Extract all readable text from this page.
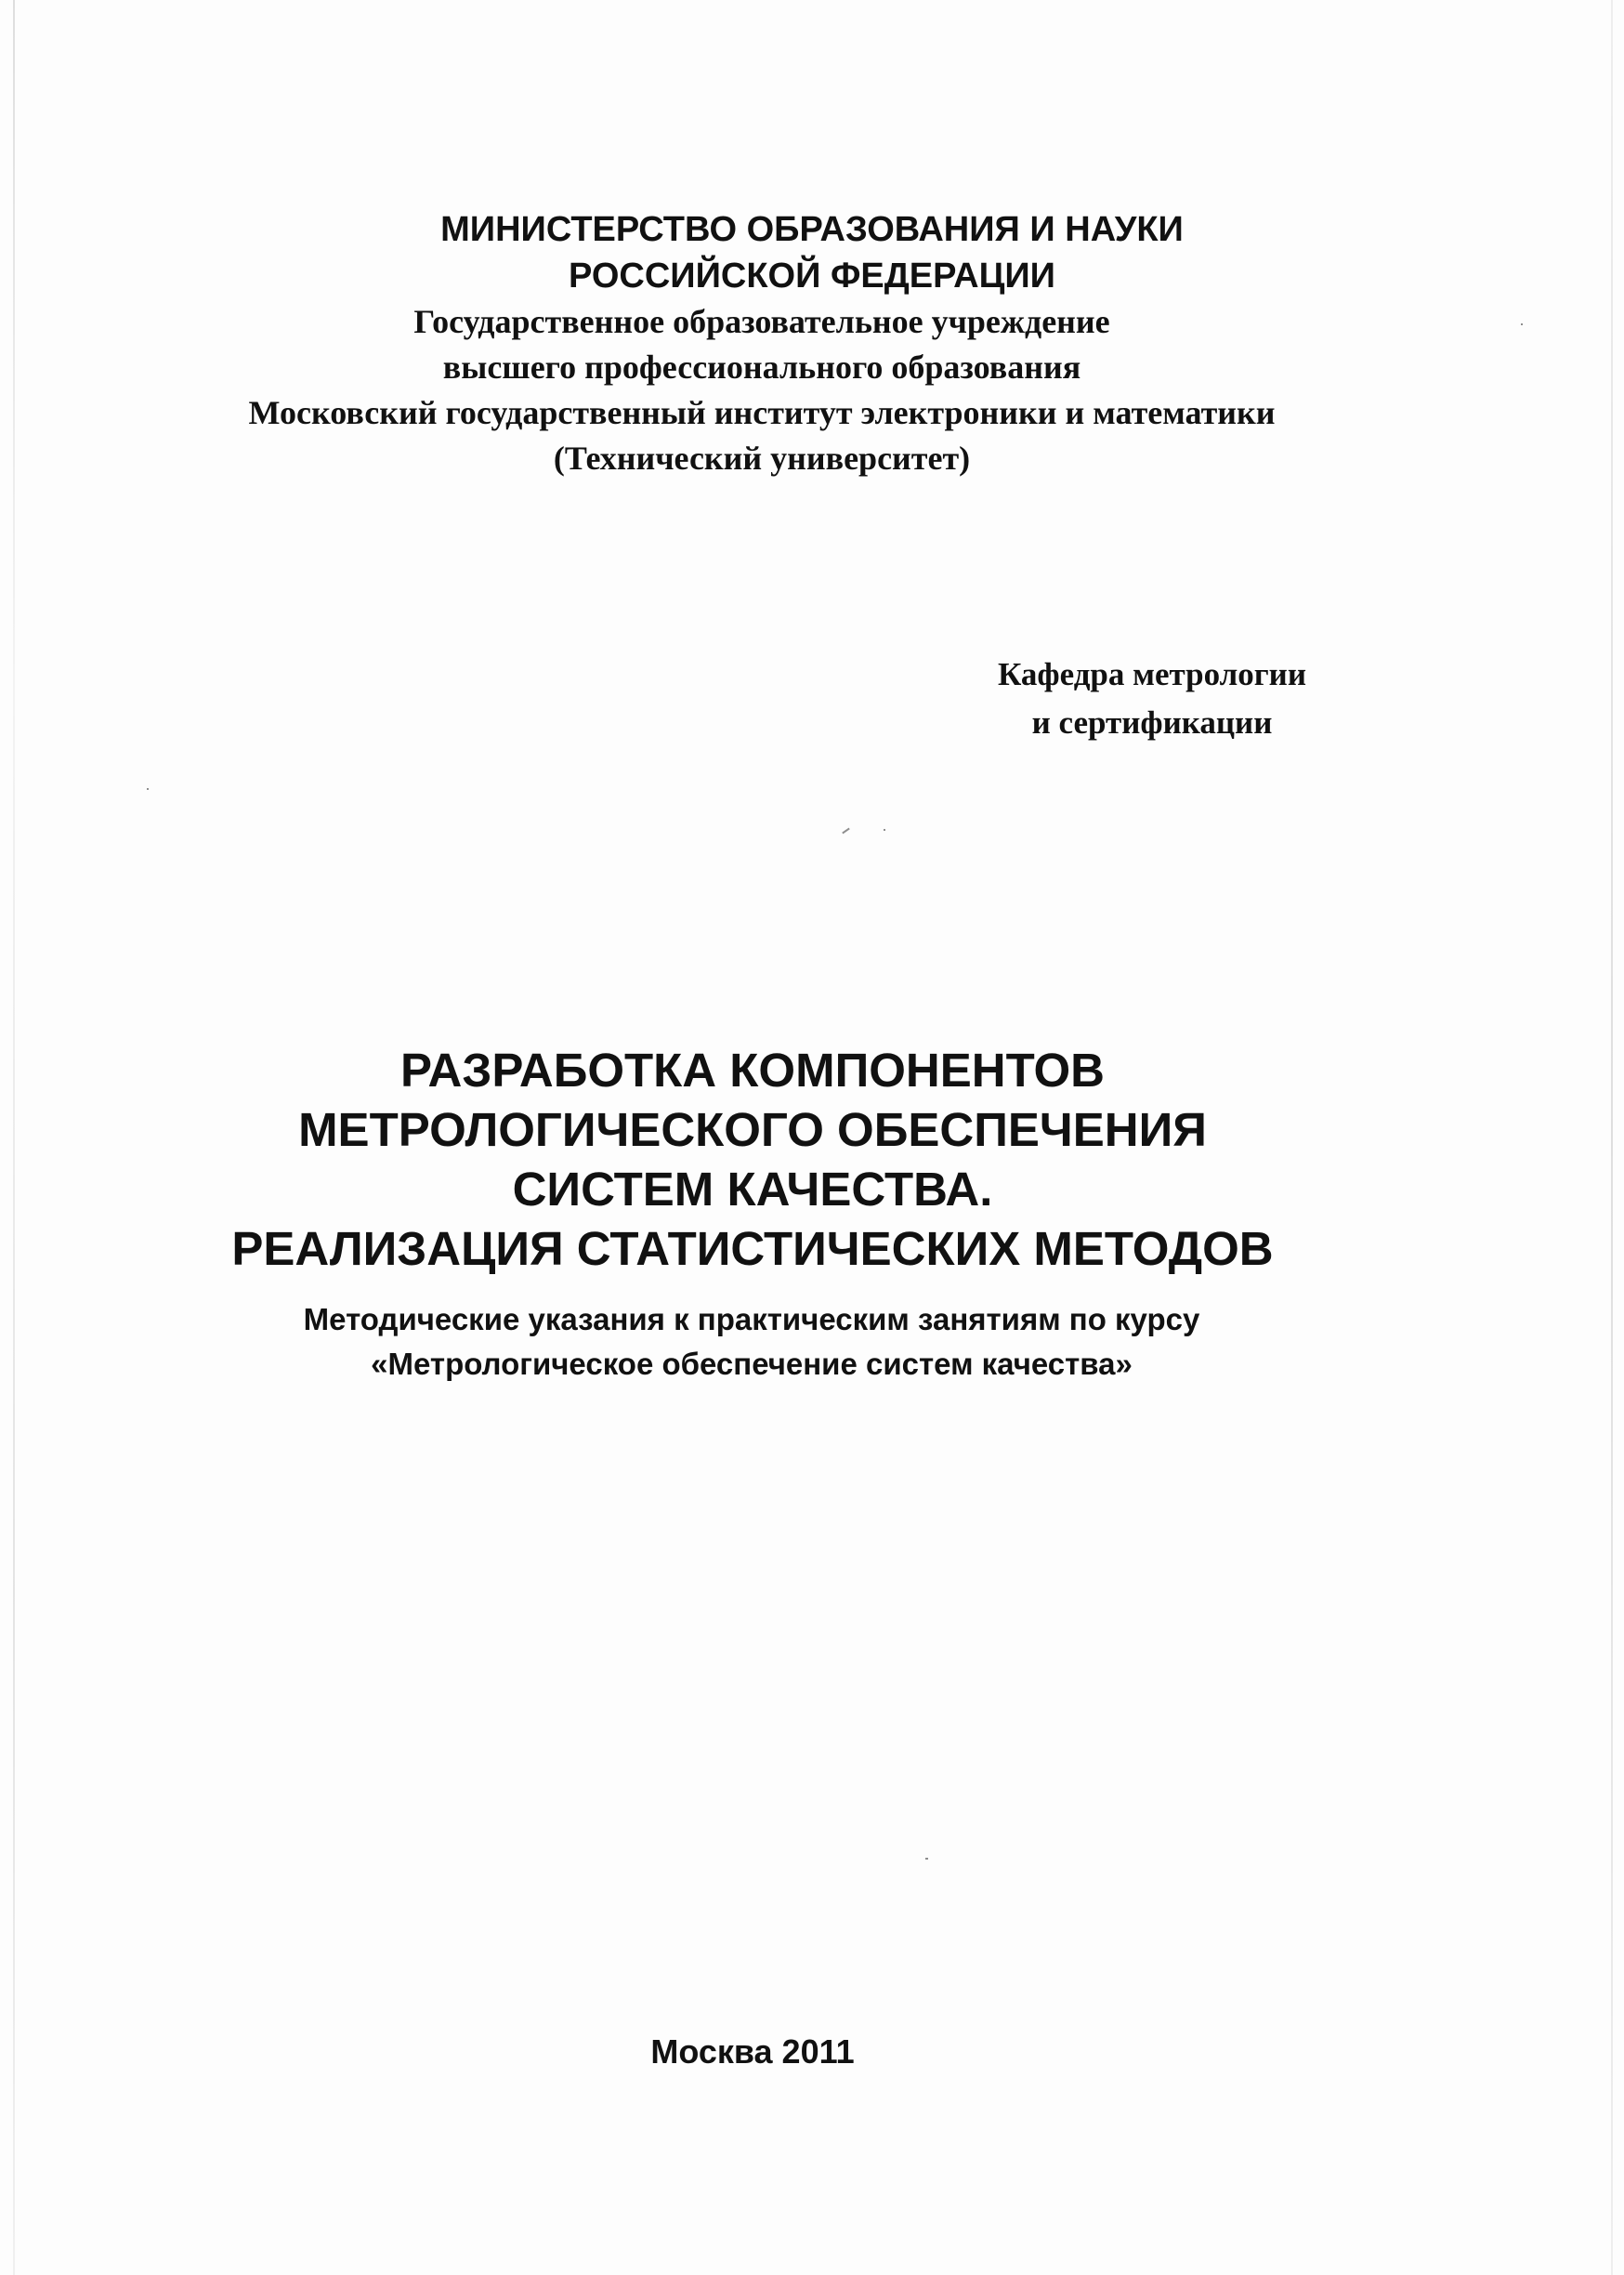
МИНИСТЕРСТВО ОБРАЗОВАНИЯ И НАУКИ
РОССИЙСКОЙ ФЕДЕРАЦИИ
Государственное образовательное учреждение
высшего профессионального образования
Московский государственный институт электроники и математики
(Технический университет)
Кафедра метрологии
и сертификации
РАЗРАБОТКА КОМПОНЕНТОВ
МЕТРОЛОГИЧЕСКОГО ОБЕСПЕЧЕНИЯ
СИСТЕМ КАЧЕСТВА.
РЕАЛИЗАЦИЯ СТАТИСТИЧЕСКИХ МЕТОДОВ
Методические указания к практическим занятиям по курсу
«Метрологическое обеспечение систем качества»
Москва 2011
